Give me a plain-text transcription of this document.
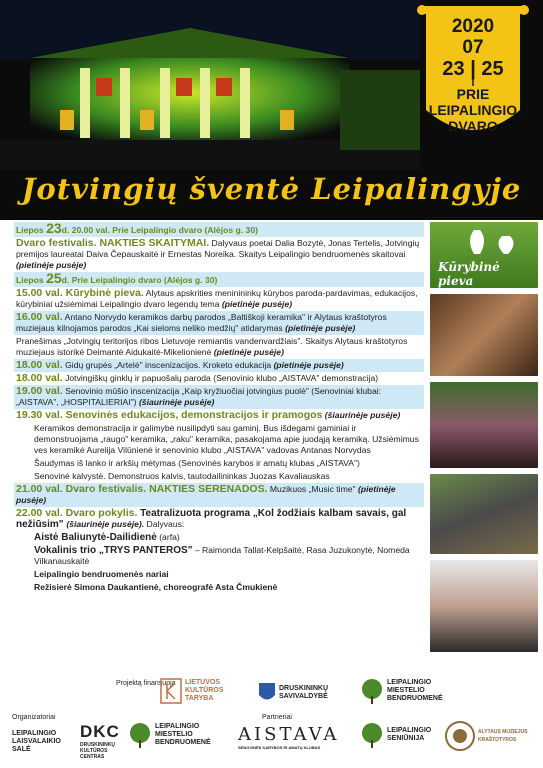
2020
07
23 | 25
PRIE
LEIPALINGIO
DVARO
Jotvingių šventė Leipalingyje

Liepos 23d. 20.00 val. Prie Leipalingio dvaro (Alėjos g. 30)

Dvaro festivalis. NAKTIES SKAITYMAI. Dalyvaus poetai Dalia Bozytė, Jonas Tertelis, Jotvingių premijos laureatai Daiva Čepauskaitė ir Ernestas Noreika. Skaitys Leipalingio bendruomenės skaitovai (pietinėje pusėje)

Liepos 25d. Prie Leipalingio dvaro (Alėjos g. 30)

15.00 val. Kūrybinė pieva. Alytaus apskrities meninininkų kūrybos paroda-pardavimas, edukacijos, kūrybiniai užsiėmimai Leipalingio dvaro legendų tema (pietinėje pusėje)

16.00 val. Antano Norvydo keramikos darbų parodos „Baltiškoji keramika" ir Alytaus kraštotyros muziejaus kilnojamos parodos „Kai sieloms neliko medžių" atidarymas (pietinėje pusėje)

Pranešimas „Jotvingių teritorijos ribos Lietuvoje remiantis vandenvardžiais". Skaitys Alytaus kraštotyros muziejaus istorikė Deimantė Aidukaitė-Mikelionienė (pietinėje pusėje)

18.00 val. Gidų grupės „Artelė" inscenizacijos. Kroketo edukacija (pietinėje pusėje)

18.00 val. Jotvingiškų ginklų ir papuošalų paroda (Senovinio klubo „AISTAVA" demonstracija)

19.00 val. Senovinio mūšio inscenizacija „Kaip kryžiuočiai jotvingius puolė" (Senoviniai klubai: „AISTAVA", „HOSPITALIERIAI") (šiaurinėje pusėje)

19.30 val. Senovinės edukacijos, demonstracijos ir pramogos (šiaurinėje pusėje)

Keramikos demonstracija ir galimybė nusilipdyti sau gaminį. Bus išdegami gaminiai ir demonstruojama „raugo" keramika, „raku" keramika, pasakojama apie juodąją keramiką. Užsiėmimus ves keramikė Aurelija Vilūnienė ir senovinio klubo „AISTAVA" vadovas Antanas Norvydas

Šaudymas iš lanko ir arkšių mėtymas (Senovinės karybos ir amatų klubas „AISTAVA")

Senovinė kalvystė. Demonstruos kalvis, tautodailininkas Juozas Kavaliauskas

21.00 val. Dvaro festivalis. NAKTIES SERENADOS. Muzikuos „Music time" (pietinėje pusėje)

22.00 val. Dvaro pokylis. Teatralizuota programa „Kol žodžiais kalbam savais, gal nežiūsim" (šiaurinėje pusėje). Dalyvaus:

Aistė Baliunytė-Dailidienė (arfa)

Vokalinis trio „TRYS PANTEROS" – Raimonda Tallat-Kelpšaitė, Rasa Juzukonytė, Nomeda Vilkanauskaitė

Leipalingio bendruomenės nariai

Režisierė Simona Daukantienė, choreografė Asta Čmukienė

Kūrybinė pieva
Projektą finansuoja LIETUVOS KULTŪROS TARYBA
DRUSKININKŲ SAVIVALDYBĖ
LEIPALINGIO MIESTELIO BENDRUOMENĖ
Organizatoriai
LEIPALINGIO LAISVALAIKIO SALĖ
DKC
DRUSKININKŲ KULTŪROS CENTRAS
LEIPALINGIO MIESTELIO BENDRUOMENĖ
Partneriai
AISTAVA
SENOVINĖS KARYBOS IR AMATŲ KLUBAS
LEIPALINGIO SENIŪNIJA
ALYTAUS MUZIEJUS KRAŠTOTYROS
